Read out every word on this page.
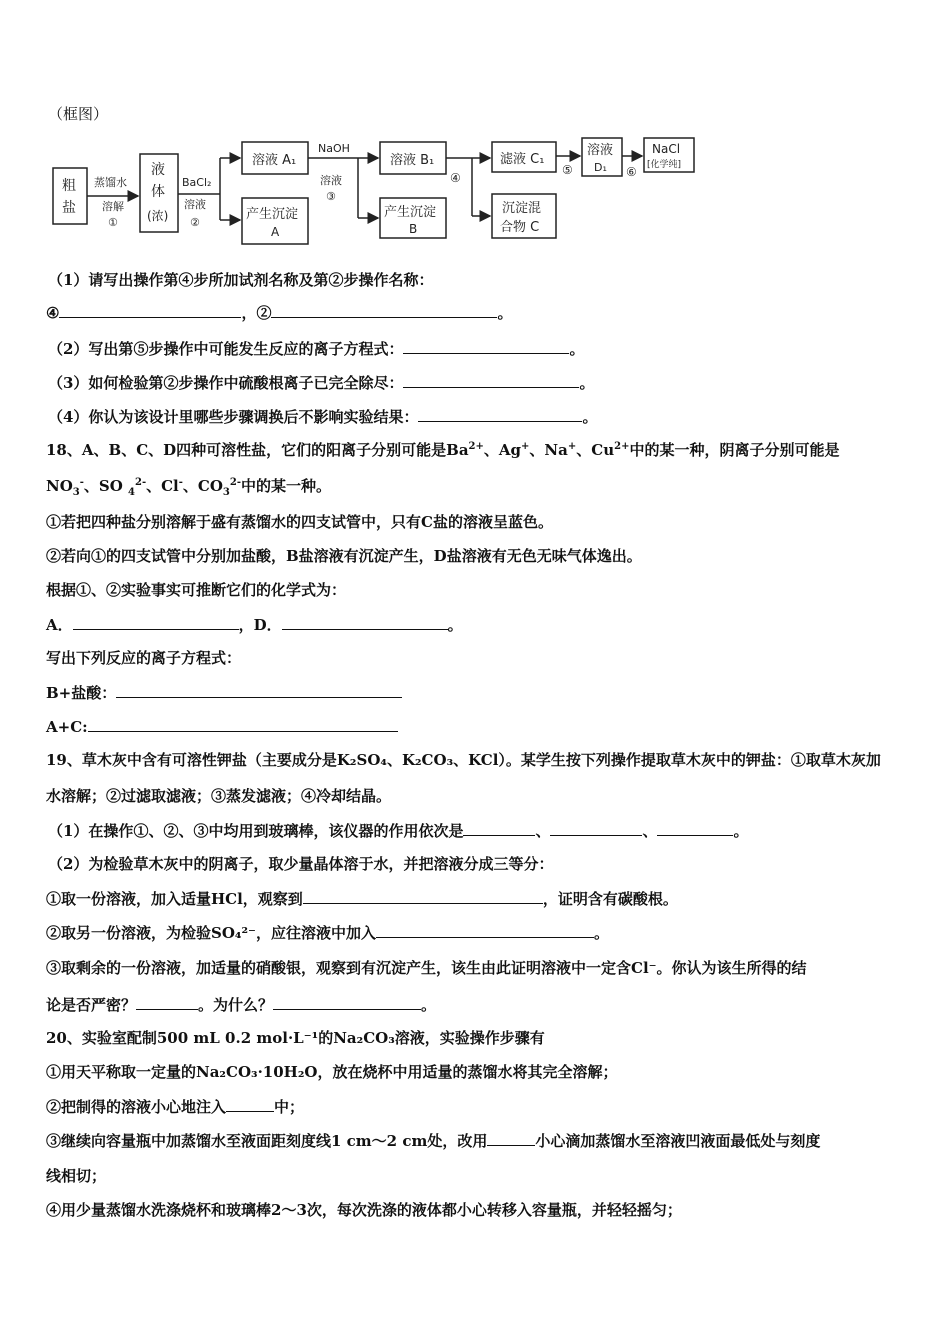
（框图）
粗
盐
液
体
(浓)
溶液 A₁
产生沉淀
A
溶液 B₁
产生沉淀
B
滤液 C₁
沉淀混
合物 C
溶液
D₁
NaCl
[化学纯]
蒸馏水
溶解
①
BaCl₂
溶液
②
NaOH
溶液
③
④
⑤	⑥
（1）请写出操作第④步所加试剂名称及第②步操作名称：
④	，②	。
（2）写出第⑤步操作中可能发生反应的离子方程式：	。
（3）如何检验第②步操作中硫酸根离子已完全除尽：	。
（4）你认为该设计里哪些步骤调换后不影响实验结果：	。
18、A、B、C、D四种可溶性盐，它们的阳离子分别可能是$Ba^{2+}$、Ag+、Na+、$Cu^{2+}$中的某一种，阴离子分别可能是
$NO_3^-$、SO $_4^{2-}$、Cl-、$CO_3^{2-}$中的某一种。
①若把四种盐分别溶解于盛有蒸馏水的四支试管中，只有C盐的溶液呈蓝色。
②若向①的四支试管中分别加盐酸，B盐溶液有沉淀产生，D盐溶液有无色无味气体逸出。
根据①、②实验事实可推断它们的化学式为：
A．	，D．	。
写出下列反应的离子方程式：
B+盐酸：
A+C:
19、草木灰中含有可溶性钾盐（主要成分是K₂SO₄、K₂CO₃、KCl）。某学生按下列操作提取草木灰中的钾盐：①取草木灰加
水溶解；②过滤取滤液；③蒸发滤液；④冷却结晶。
（1）在操作①、②、③中均用到玻璃棒，该仪器的作用依次是	、	、	。
（2）为检验草木灰中的阴离子，取少量晶体溶于水，并把溶液分成三等分：
①取一份溶液，加入适量HCl，观察到	，证明含有碳酸根。
②取另一份溶液，为检验SO₄²⁻，应往溶液中加入	。
③取剩余的一份溶液，加适量的硝酸银，观察到有沉淀产生，该生由此证明溶液中一定含Cl⁻。你认为该生所得的结
论是否严密？	。为什么？	。
20、实验室配制500 mL 0.2 mol·L⁻¹的Na₂CO₃溶液，实验操作步骤有
①用天平称取一定量的Na₂CO₃·10H₂O，放在烧杯中用适量的蒸馏水将其完全溶解；
②把制得的溶液小心地注入	中；
③继续向容量瓶中加蒸馏水至液面距刻度线1 cm～2 cm处，改用	小心滴加蒸馏水至溶液凹液面最低处与刻度
线相切；
④用少量蒸馏水洗涤烧杯和玻璃棒2～3次，每次洗涤的液体都小心转移入容量瓶，并轻轻摇匀；
